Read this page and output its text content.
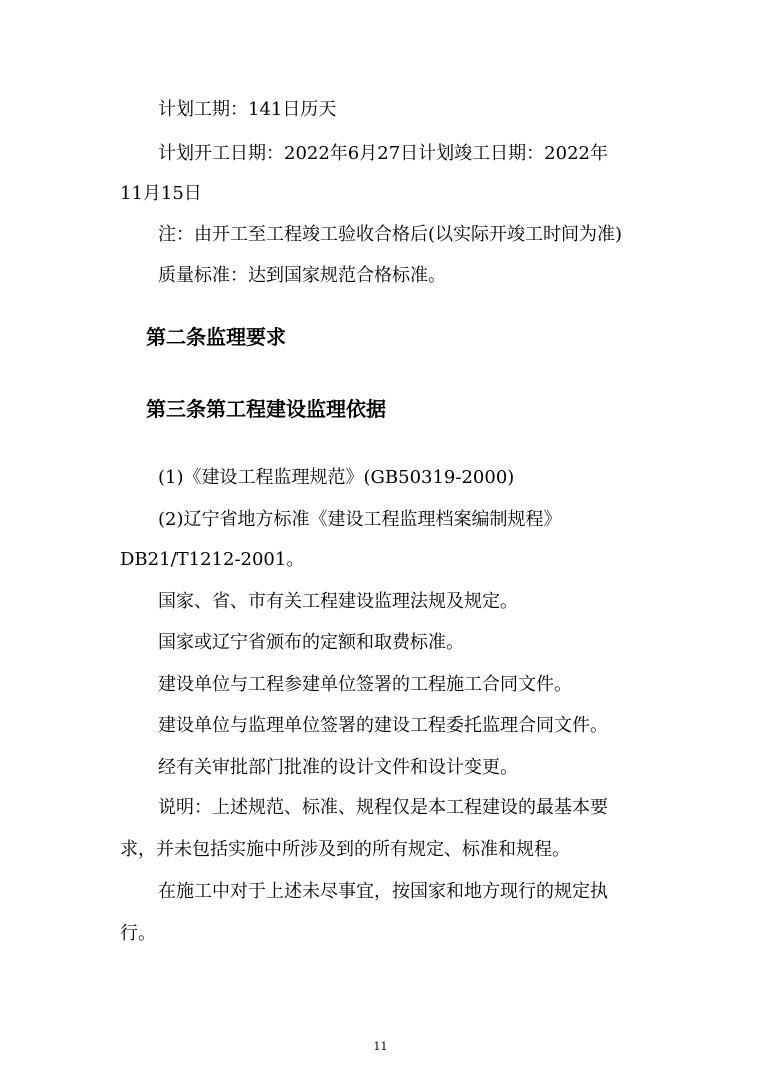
计划工期：141日历天
计划开工日期：2022年6月27日计划竣工日期：2022年
11月15日
注：由开工至工程竣工验收合格后(以实际开竣工时间为准)
质量标准：达到国家规范合格标准。
第二条监理要求
第三条第工程建设监理依据
(1)《建设工程监理规范》(GB50319-2000)
(2)辽宁省地方标准《建设工程监理档案编制规程》
DB21/T1212-2001。
国家、省、市有关工程建设监理法规及规定。
国家或辽宁省颁布的定额和取费标准。
建设单位与工程参建单位签署的工程施工合同文件。
建设单位与监理单位签署的建设工程委托监理合同文件。
经有关审批部门批准的设计文件和设计变更。
说明：上述规范、标准、规程仅是本工程建设的最基本要
求，并未包括实施中所涉及到的所有规定、标准和规程。
在施工中对于上述未尽事宜，按国家和地方现行的规定执
行。
11
